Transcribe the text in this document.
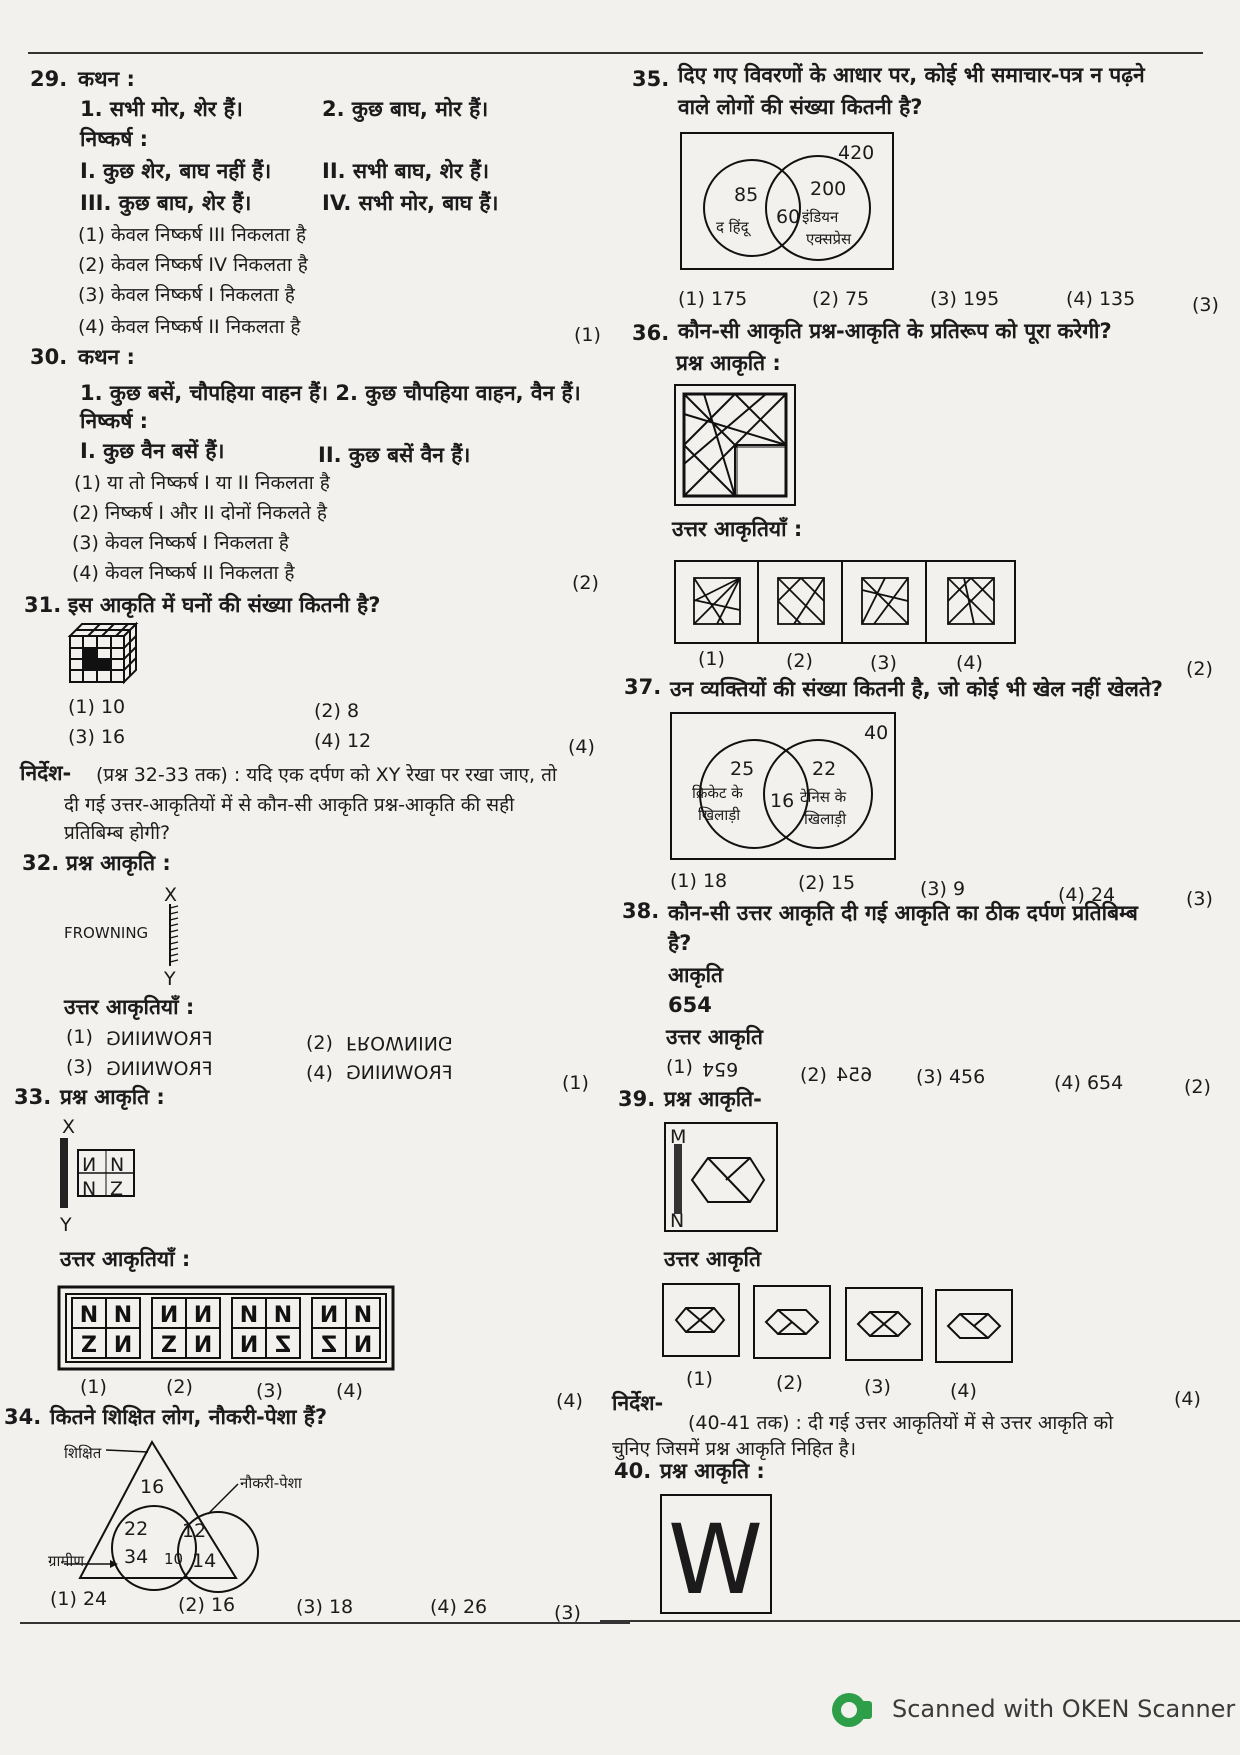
29. कथन :
1. सभी मोर, शेर हैं।	2. कुछ बाघ, मोर हैं।
निष्कर्ष :
I. कुछ शेर, बाघ नहीं हैं। II. सभी बाघ, शेर हैं।
III. कुछ बाघ, शेर हैं।	IV. सभी मोर, बाघ हैं।
(1) केवल निष्कर्ष III निकलता है
(2) केवल निष्कर्ष IV निकलता है
(3) केवल निष्कर्ष I निकलता है
(4) केवल निष्कर्ष II निकलता है	(1)
30. कथन :
1. कुछ बसें, चौपहिया वाहन हैं। 2. कुछ चौपहिया वाहन, वैन हैं।
निष्कर्ष :
I. कुछ वैन बसें हैं।	II. कुछ बसें वैन हैं।
(1) या तो निष्कर्ष I या II निकलता है
(2) निष्कर्ष I और II दोनों निकलते है
(3) केवल निष्कर्ष I निकलता है
(4) केवल निष्कर्ष II निकलता है	(2)
31. इस आकृति में घनों की संख्या कितनी है?
(1) 10	(2) 8
(3) 16	(4) 12	(4)
निर्देश- (प्रश्न 32-33 तक) : यदि एक दर्पण को XY रेखा पर रखा जाए, तो
दी गई उत्तर-आकृतियों में से कौन-सी आकृति प्रश्न-आकृति की सही
प्रतिबिम्ब होगी?
32. प्रश्न आकृति :
X
FROWNING
Y
उत्तर आकृतियाँ :
(1) FROWNING	(2) FROWNING
(3) FROWNING	(4) FROWNING	(1)
33. प्रश्न आकृति :
X
N N
N Z
Y
उत्तर आकृतियाँ :
N N
Z N
N N
Z N
N N
N Z
N N
Z N
(1)	(2)	(3)	(4)	(4)
34. कितने शिक्षित लोग, नौकरी-पेशा हैं?
शिक्षित
नौकरी-पेशा
ग्रामीण
16
22 12
34 10 14
(1) 24	(2) 16	(3) 18	(4) 26	(3)
35. दिए गए विवरणों के आधार पर, कोई भी समाचार-पत्र न पढ़ने
वाले लोगों की संख्या कितनी है?
420
85
द हिंदू 60
200
इंडियन
एक्सप्रेस
(1) 175	(2) 75	(3) 195	(4) 135	(3)
36. कौन-सी आकृति प्रश्न-आकृति के प्रतिरूप को पूरा करेगी?
प्रश्न आकृति :
उत्तर आकृतियाँ :
(1)	(2)	(3)	(4)	(2)
37. उन व्यक्तियों की संख्या कितनी है, जो कोई भी खेल नहीं खेलते?
40
25
क्रिकेट के
खिलाड़ी
16
22
टेनिस के
खिलाड़ी
(1) 18	(2) 15	(3) 9	(4) 24	(3)
38. कौन-सी उत्तर आकृति दी गई आकृति का ठीक दर्पण प्रतिबिम्ब
है?
आकृति
654
उत्तर आकृति
(1) 654	(2) 654 (3) 456	(4) 654	(2)
39. प्रश्न आकृति-
M
N
उत्तर आकृति
(1)	(2)	(3)	(4)	(4)
निर्देश-
(40-41 तक) : दी गई उत्तर आकृतियों में से उत्तर आकृति को
चुनिए जिसमें प्रश्न आकृति निहित है।
40. प्रश्न आकृति :
W
Scanned with OKEN Scanner
